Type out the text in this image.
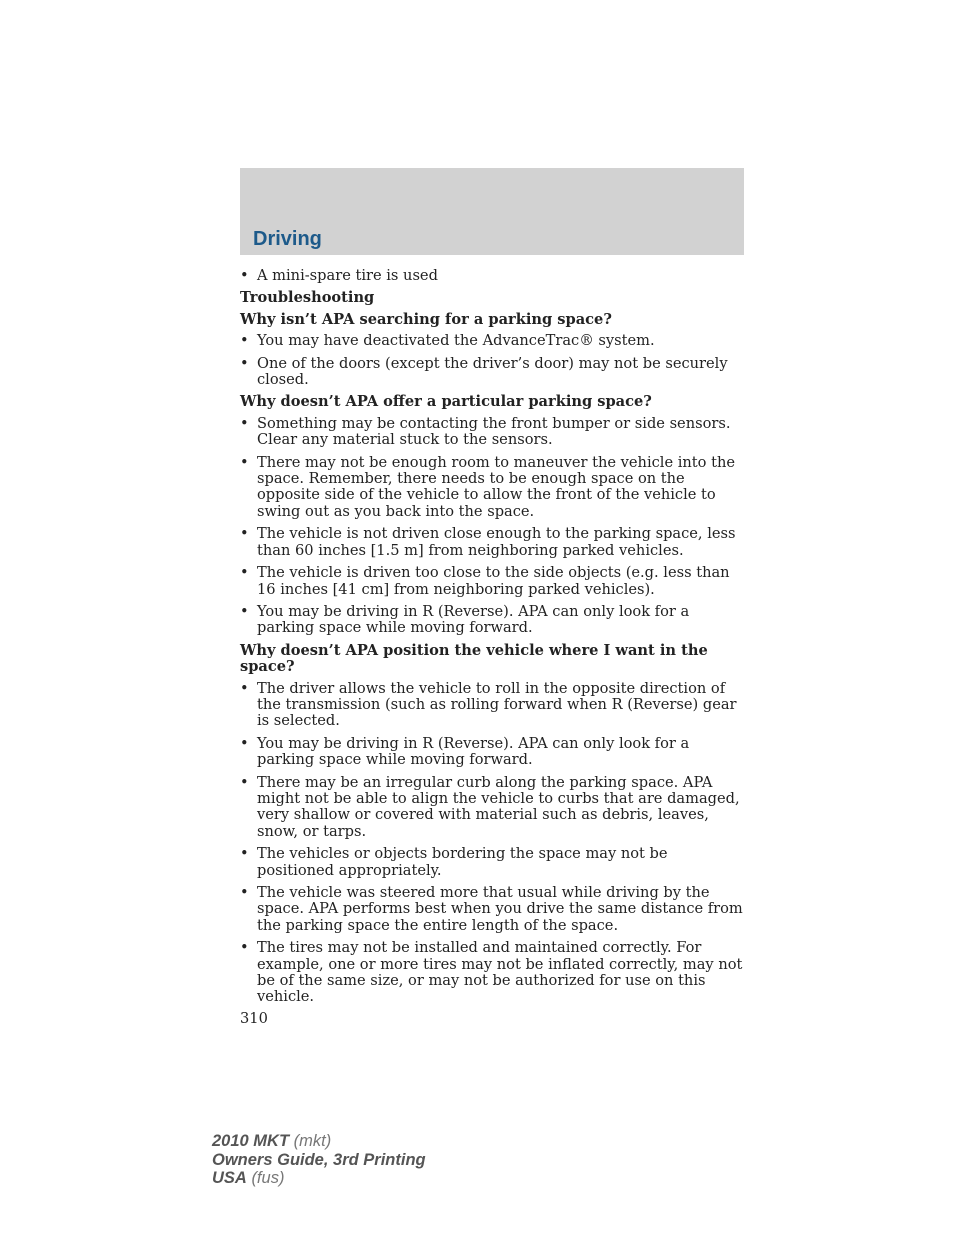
Driving
• A mini-spare tire is used
Troubleshooting
Why isn’t APA searching for a parking space?
• You may have deactivated the AdvanceTrac® system.
• One of the doors (except the driver’s door) may not be securely closed.
Why doesn’t APA offer a particular parking space?
• Something may be contacting the front bumper or side sensors. Clear any material stuck to the sensors.
• There may not be enough room to maneuver the vehicle into the space. Remember, there needs to be enough space on the opposite side of the vehicle to allow the front of the vehicle to swing out as you back into the space.
• The vehicle is not driven close enough to the parking space, less than 60 inches [1.5 m] from neighboring parked vehicles.
• The vehicle is driven too close to the side objects (e.g. less than 16 inches [41 cm] from neighboring parked vehicles).
• You may be driving in R (Reverse). APA can only look for a parking space while moving forward.
Why doesn’t APA position the vehicle where I want in the space?
• The driver allows the vehicle to roll in the opposite direction of the transmission (such as rolling forward when R (Reverse) gear is selected.
• You may be driving in R (Reverse). APA can only look for a parking space while moving forward.
• There may be an irregular curb along the parking space. APA might not be able to align the vehicle to curbs that are damaged, very shallow or covered with material such as debris, leaves, snow, or tarps.
• The vehicles or objects bordering the space may not be positioned appropriately.
• The vehicle was steered more that usual while driving by the space. APA performs best when you drive the same distance from the parking space the entire length of the space.
• The tires may not be installed and maintained correctly. For example, one or more tires may not be inflated correctly, may not be of the same size, or may not be authorized for use on this vehicle.
310
2010 MKT (mkt)
Owners Guide, 3rd Printing
USA (fus)
